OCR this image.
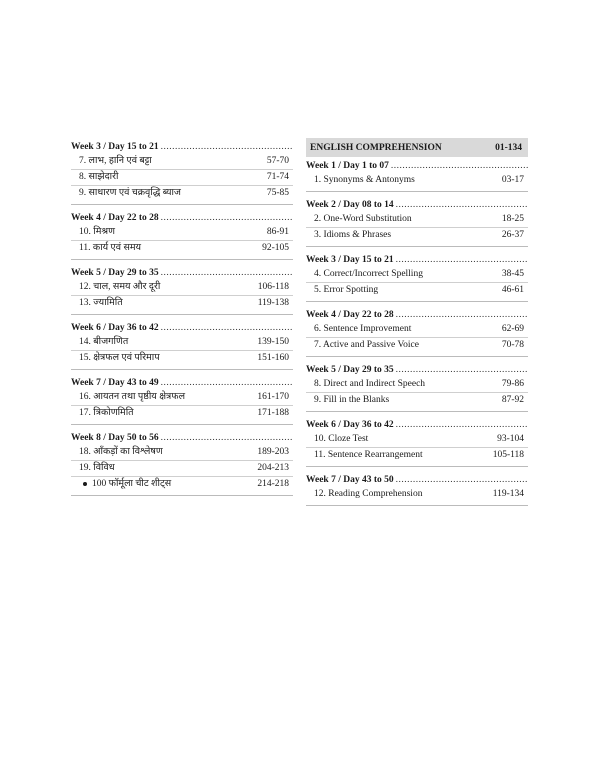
Week 3 / Day 15 to 21
.....
7. लाभ, हानि एवं बट्टा	57-70
8. साझेदारी	71-74
9. साधारण एवं चक्रवृद्धि ब्याज	75-85
Week 4 / Day 22 to 28
.....
10. मिश्रण	86-91
11. कार्य एवं समय	92-105
Week 5 / Day 29 to 35
.....
12. चाल, समय और दूरी	106-118
13. ज्यामिति	119-138
Week 6 / Day 36 to 42
.....
14. बीजगणित	139-150
15. क्षेत्रफल एवं परिमाप	151-160
Week 7 / Day 43 to 49
.....
16. आयतन तथा पृष्ठीय क्षेत्रफल	161-170
17. त्रिकोणमिति	171-188
Week 8 / Day 50 to 56
.....
18. आँकड़ों का विश्लेषण	189-203
19. विविध	204-213
100 फॉर्मूला चीट शीट्स	214-218
ENGLISH COMPREHENSION	01-134
Week 1 / Day 1 to 07
.....
1. Synonyms & Antonyms	03-17
Week 2 / Day 08 to 14
.....
2. One-Word Substitution	18-25
3. Idioms & Phrases	26-37
Week 3 / Day 15 to 21
.....
4. Correct/Incorrect Spelling	38-45
5. Error Spotting	46-61
Week 4 / Day 22 to 28
.....
6. Sentence Improvement	62-69
7. Active and Passive Voice	70-78
Week 5 / Day 29 to 35
.....
8. Direct and Indirect Speech	79-86
9. Fill in the Blanks	87-92
Week 6 / Day 36 to 42
.....
10. Cloze Test	93-104
11. Sentence Rearrangement	105-118
Week 7 / Day 43 to 50
.....
12. Reading Comprehension	119-134
